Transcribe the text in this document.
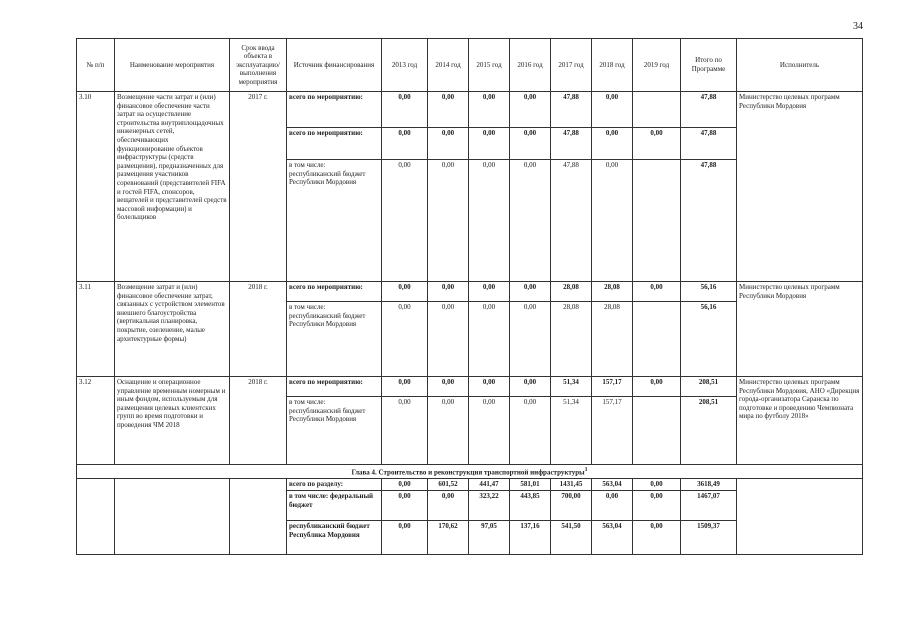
34
№ п/п	Наименование мероприятия	Срок ввода объекта в эксплуатацию/ выполнения мероприятия	Источник финансирования	2013 год	2014 год	2015 год	2016 год	2017 год	2018 год	2019 год	Итого по Программе	Исполнитель
3.10	Возмещение части затрат и (или) финансовое обеспечение части затрат на осуществление строительства внутриплощадочных инженерных сетей, обеспечивающих функционирование объектов инфраструктуры (средств размещения), предназначенных для размещения участников соревнований (представителей FIFA и гостей FIFA, спонсоров, вещателей и представителей средств массовой информации) и болельщиков	2017 г.	всего по мероприятию:	0,00	0,00	0,00	0,00	47,88	0,00		47,88	Министерство целевых программ Республики Мордовия
			всего по мероприятию:	0,00	0,00	0,00	0,00	47,88	0,00	0,00	47,88	
			в том числе: республиканский бюджет Республики Мордовия	0,00	0,00	0,00	0,00	47,88	0,00		47,88	
3.11	Возмещение затрат и (или) финансовое обеспечение затрат, связанных с устройством элементов внешнего благоустройства (вертикальная планировка, покрытие, озеленение, малые архитектурные формы)	2018 г.	всего по мероприятию:	0,00	0,00	0,00	0,00	28,08	28,08	0,00	56,16	Министерство целевых программ Республики Мордовия
			в том числе: республиканский бюджет Республики Мордовия	0,00	0,00	0,00	0,00	28,08	28,08		56,16	
3.12	Оснащение и операционное управление временным номерным и иным фондом, используемым для размещения целевых клиентских групп во время подготовки и проведения ЧМ 2018	2018 г.	всего по мероприятию:	0,00	0,00	0,00	0,00	51,34	157,17	0,00	208,51	Министерство целевых программ Республики Мордовия, АНО «Дирекция города-организатора Саранска по подготовке и проведению Чемпионата мира по футболу 2018»
			в том числе: республиканский бюджет Республики Мордовия	0,00	0,00	0,00	0,00	51,34	157,17		208,51	
Глава 4. Строительство и реконструкция транспортной инфраструктуры$^1$
			всего по разделу:	0,00	601,52	441,47	581,01	1431,45	563,04	0,00	3618,49	
			в том числе: федеральный бюджет	0,00	0,00	323,22	443,85	700,00	0,00	0,00	1467,07	
			республиканский бюджет Республика Мордовия	0,00	170,62	97,05	137,16	541,50	563,04	0,00	1509,37	
